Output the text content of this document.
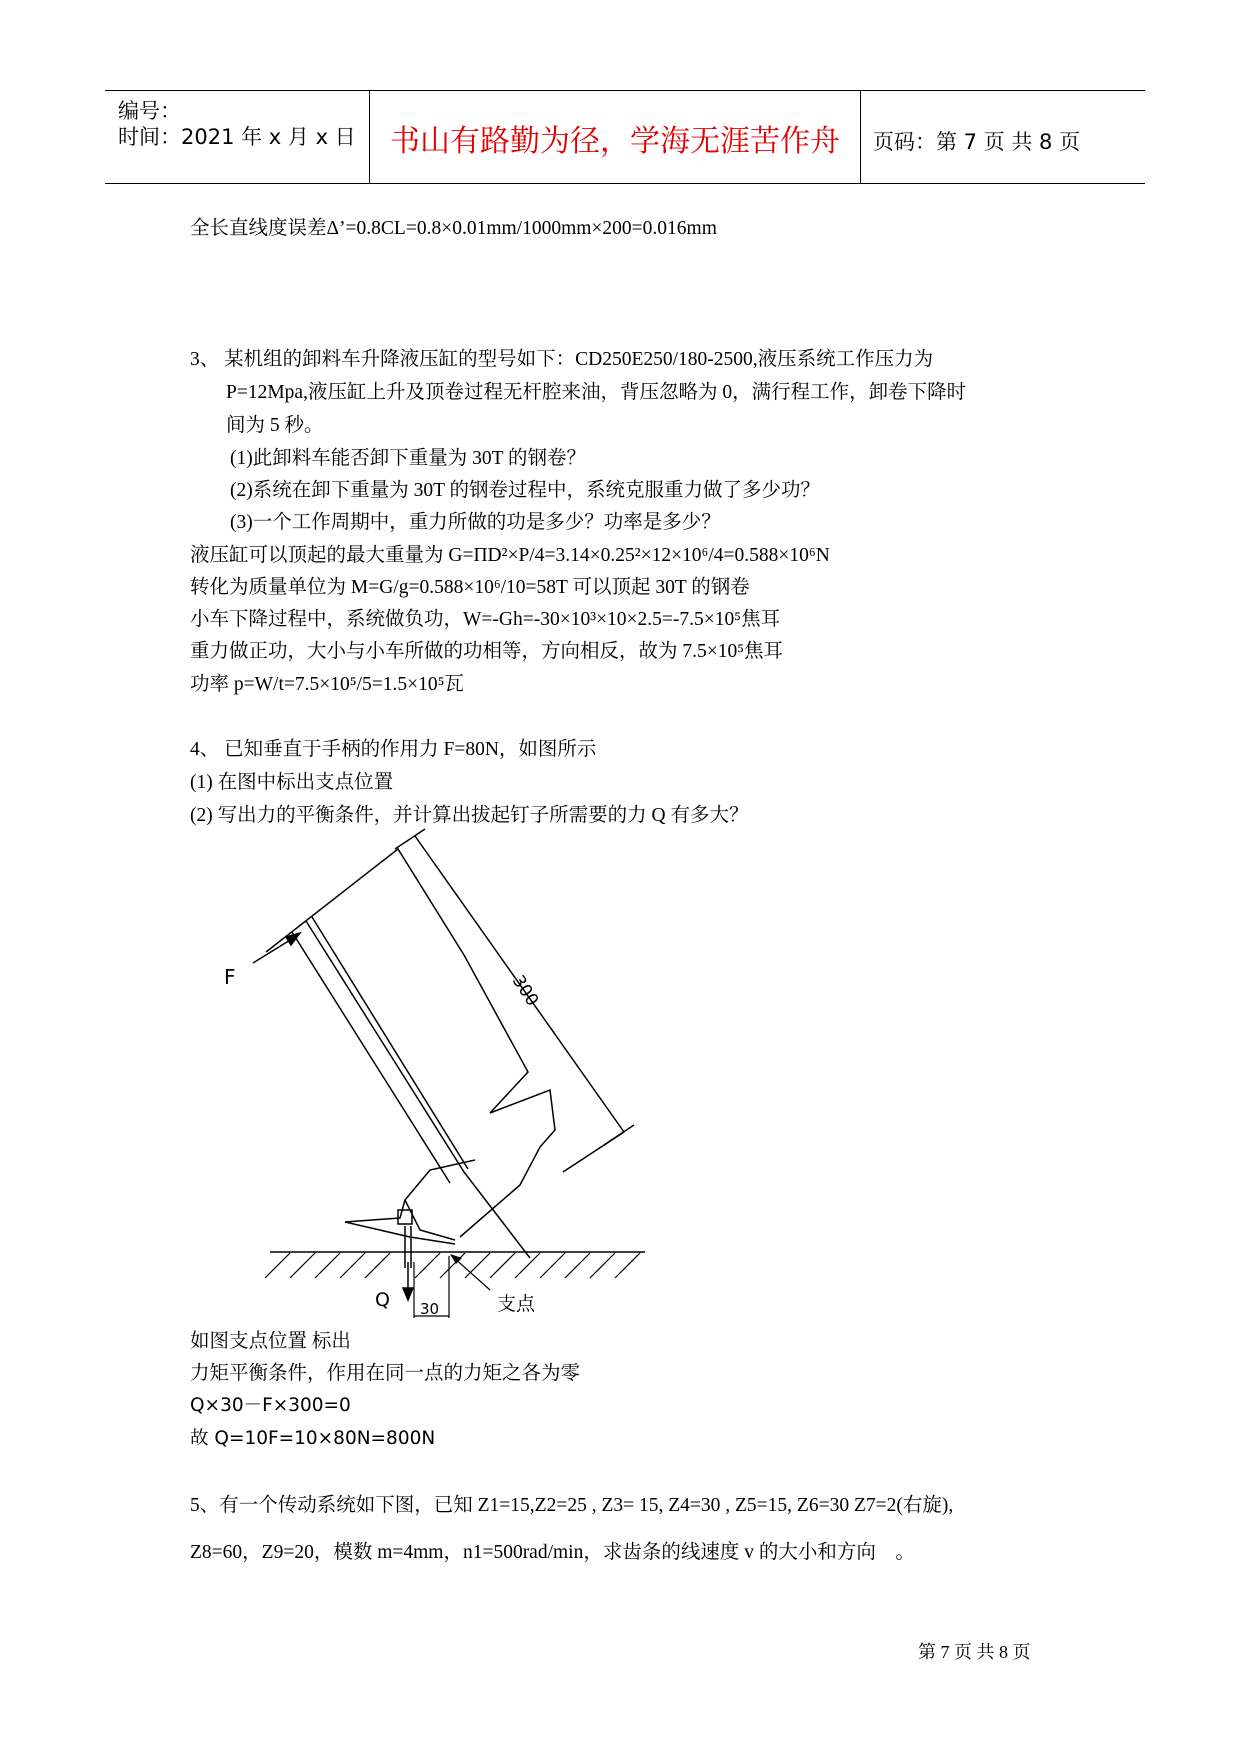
编号：
时间：2021 年 x 月 x 日	书山有路勤为径，学海无涯苦作舟	页码：第 7 页 共 8 页
全长直线度误差Δ’=0.8CL=0.8×0.01mm/1000mm×200=0.016mm
3、 某机组的卸料车升降液压缸的型号如下：CD250E250/180-2500,液压系统工作压力为
P=12Mpa,液压缸上升及顶卷过程无杆腔来油，背压忽略为 0，满行程工作，卸卷下降时
间为 5 秒。
(1)此卸料车能否卸下重量为 30T 的钢卷？
(2)系统在卸下重量为 30T 的钢卷过程中，系统克服重力做了多少功？
(3)一个工作周期中，重力所做的功是多少？功率是多少？
液压缸可以顶起的最大重量为 G=ΠD²×P/4=3.14×0.25²×12×10⁶/4=0.588×10⁶N
转化为质量单位为 M=G/g=0.588×10⁶/10=58T 可以顶起 30T 的钢卷
小车下降过程中，系统做负功，W=-Gh=-30×10³×10×2.5=-7.5×10⁵焦耳
重力做正功，大小与小车所做的功相等，方向相反，故为 7.5×10⁵焦耳
功率 p=W/t=7.5×10⁵/5=1.5×10⁵瓦
4、 已知垂直于手柄的作用力 F=80N，如图所示
(1) 在图中标出支点位置
(2) 写出力的平衡条件，并计算出拔起钉子所需要的力 Q 有多大？
F	300
Q 30	支点
如图支点位置 标出
力矩平衡条件，作用在同一点的力矩之各为零
Q×30－F×300=0
故 Q=10F=10×80N=800N
5、有一个传动系统如下图，已知 Z1=15,Z2=25 , Z3= 15, Z4=30 , Z5=15, Z6=30 Z7=2(右旋),
Z8=60，Z9=20，模数 m=4mm，n1=500rad/min，求齿条的线速度 v 的大小和方向　。
第 7 页 共 8 页
